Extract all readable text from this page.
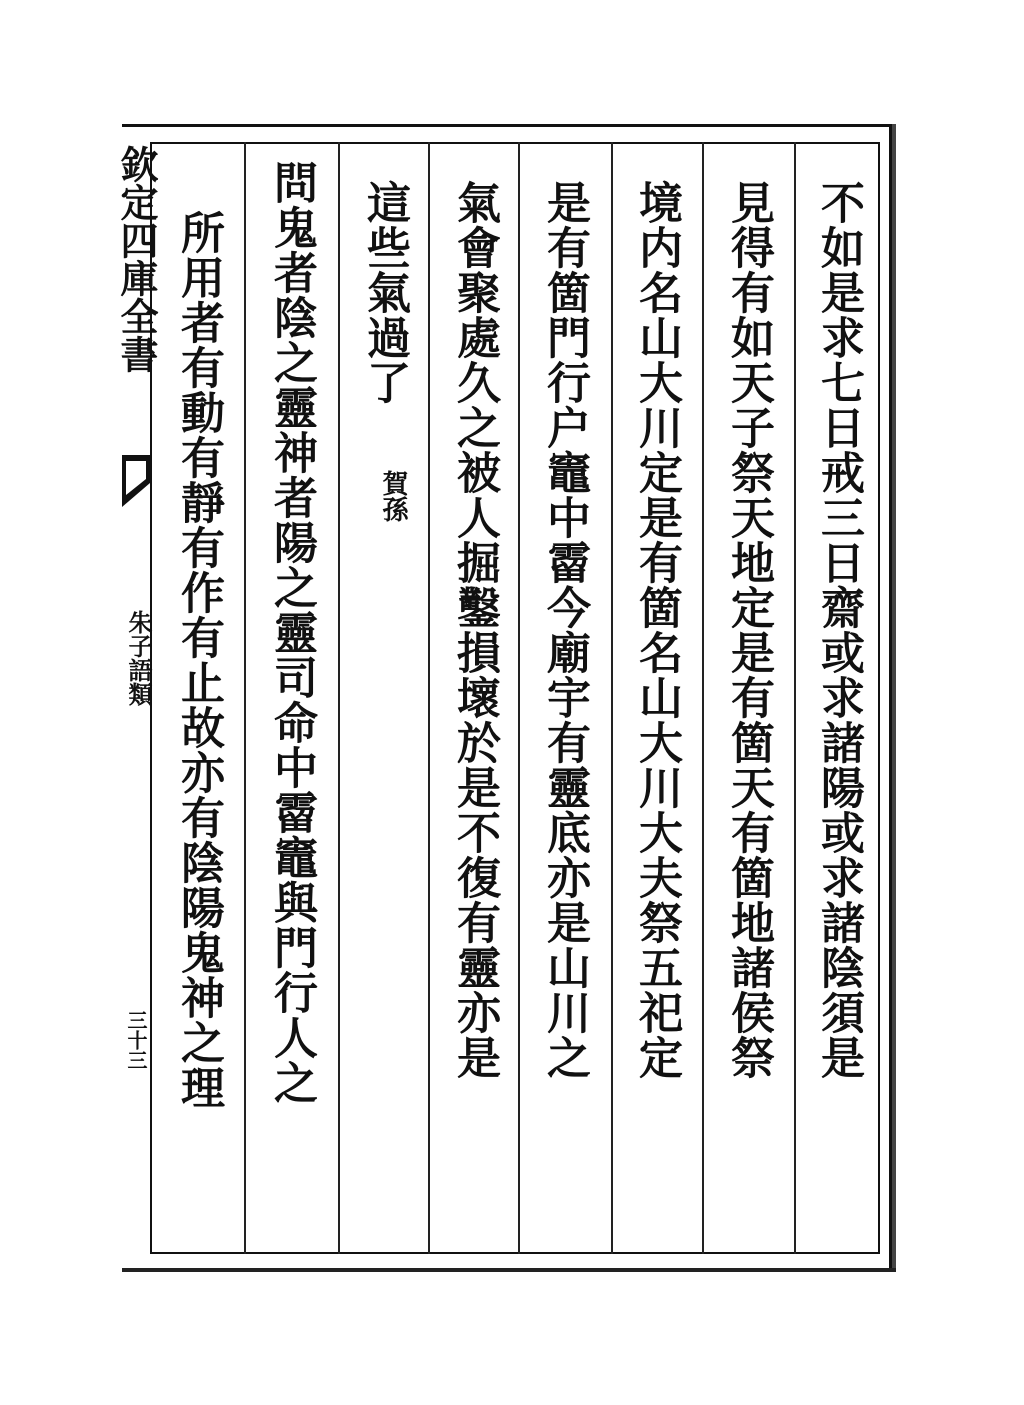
欽定四庫全書
朱子語類
三十三	不如是求七日戒三日齋或求諸陽或求諸陰須是
見得有如天子祭天地定是有箇天有箇地諸侯祭
境内名山大川定是有箇名山大川大夫祭五祀定
是有箇門行户竈中霤今廟宇有靈底亦是山川之
氣會聚處久之被人掘鑿損壞於是不復有靈亦是
這些氣過了
問鬼者陰之靈神者陽之靈司命中霤竈與門行人之
所用者有動有靜有作有止故亦有陰陽鬼神之理	賀孫
